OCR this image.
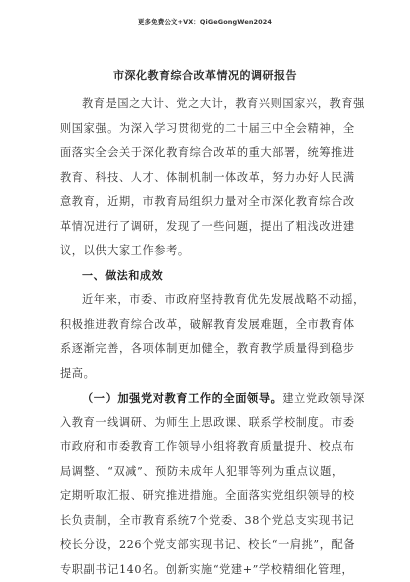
更多免费公文+VX：QiGeGongWen2024
市深化教育综合改革情况的调研报告
教育是国之大计、党之大计，教育兴则国家兴，教育强
则国家强。为深入学习贯彻党的二十届三中全会精神，全
面落实全会关于深化教育综合改革的重大部署，统筹推进
教育、科技、人才、体制机制一体改革，努力办好人民满
意教育，近期，市教育局组织力量对全市深化教育综合改
革情况进行了调研，发现了一些问题，提出了粗浅改进建
议，以供大家工作参考。
一、做法和成效
近年来，市委、市政府坚持教育优先发展战略不动摇，
积极推进教育综合改革，破解教育发展难题，全市教育体
系逐渐完善，各项体制更加健全，教育教学质量得到稳步
提高。
（一）加强党对教育工作的全面领导。建立党政领导深
入教育一线调研、为师生上思政课、联系学校制度。市委
市政府和市委教育工作领导小组将教育质量提升、校点布
局调整、“双减”、预防未成年人犯罪等列为重点议题，
定期听取汇报、研究推进措施。全面落实党组织领导的校
长负责制，全市教育系统7个党委、38个党总支实现书记
校长分设，226个党支部实现书记、校长“一肩挑”，配备
专职副书记140名。创新实施“党建+”学校精细化管理，
